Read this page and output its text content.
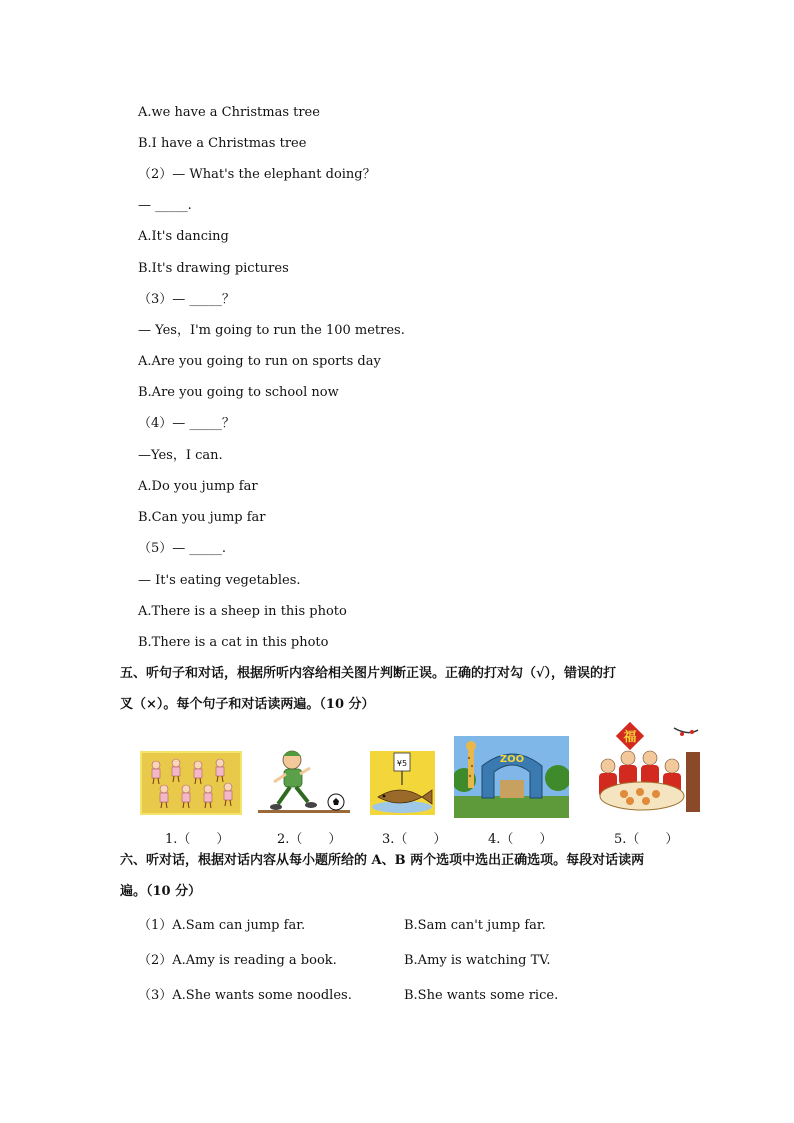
A.we have a Christmas tree
B.I have a Christmas tree
（2）— What's the elephant doing？
— _____.
A.It's dancing
B.It's drawing pictures
（3）— _____？
— Yes，I'm going to run the 100 metres.
A.Are you going to run on sports day
B.Are you going to school now
（4）— _____？
—Yes，I can.
A.Do you jump far
B.Can you jump far
（5）— _____.
— It's eating vegetables.
A.There is a sheep in this photo
B.There is a cat in this photo
五、听句子和对话，根据所听内容给相关图片判断正误。正确的打对勾（√），错误的打
叉（×）。每个句子和对话读两遍。（10 分）
¥5	ZOO
福
1.（　　）	2.（　　）	3.（　　）	4.（　　）	5.（　　）
六、听对话，根据对话内容从每小题所给的 A、B 两个选项中选出正确选项。每段对话读两
遍。（10 分）
（1）A.Sam can jump far.	B.Sam can't jump far.
（2）A.Amy is reading a book.	B.Amy is watching TV.
（3）A.She wants some noodles.	B.She wants some rice.
